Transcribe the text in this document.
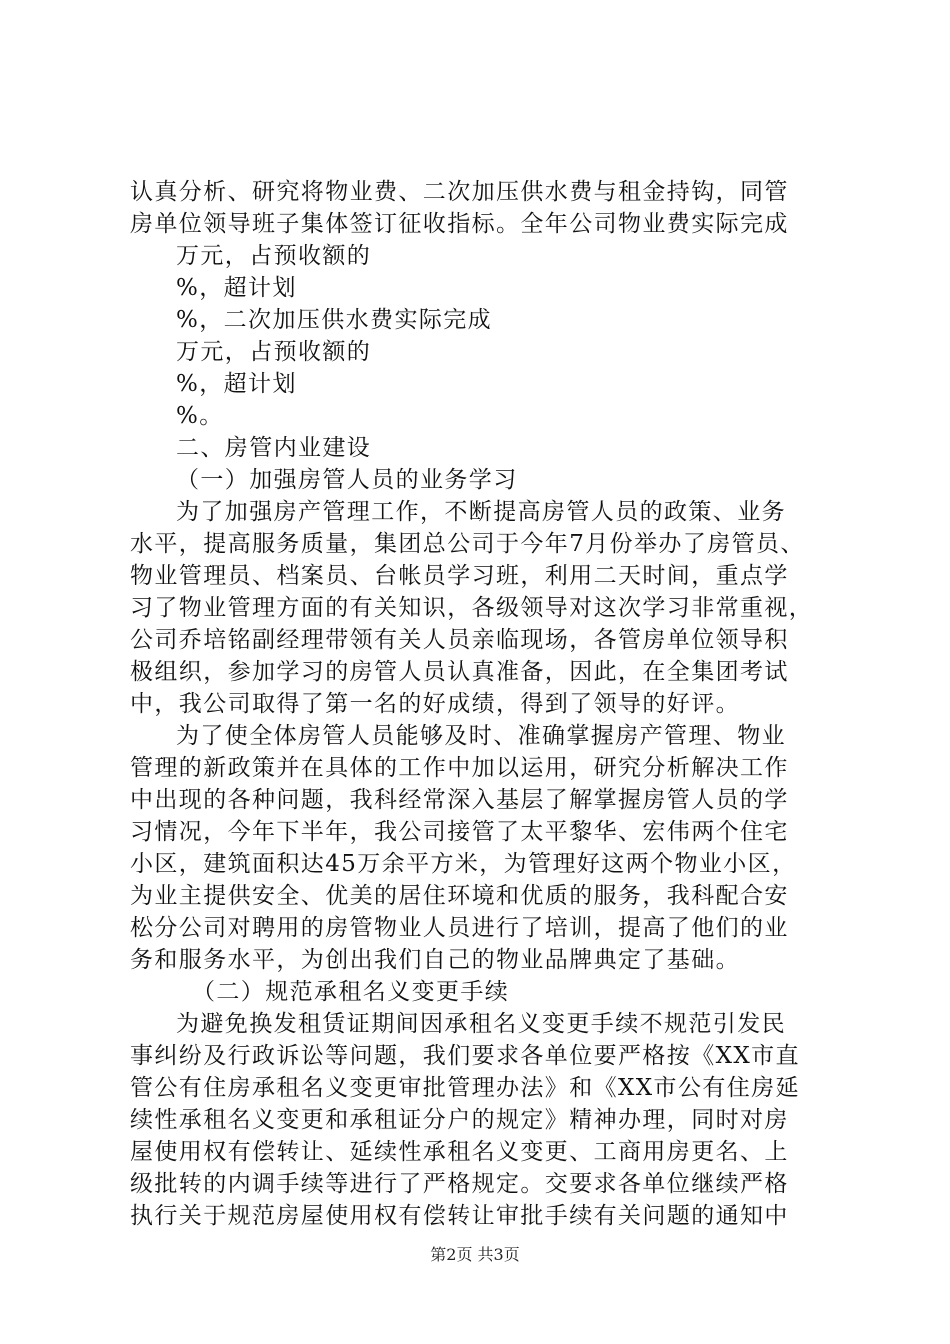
认真分析、研究将物业费、二次加压供水费与租金持钩，同管
房单位领导班子集体签订征收指标。全年公司物业费实际完成
万元，占预收额的
%，超计划
%，二次加压供水费实际完成
万元，占预收额的
%，超计划
%。
二、房管内业建设
（一）加强房管人员的业务学习
为了加强房产管理工作，不断提高房管人员的政策、业务
水平，提高服务质量，集团总公司于今年7月份举办了房管员、
物业管理员、档案员、台帐员学习班，利用二天时间，重点学
习了物业管理方面的有关知识，各级领导对这次学习非常重视，
公司乔培铭副经理带领有关人员亲临现场，各管房单位领导积
极组织，参加学习的房管人员认真准备，因此，在全集团考试
中，我公司取得了第一名的好成绩，得到了领导的好评。
为了使全体房管人员能够及时、准确掌握房产管理、物业
管理的新政策并在具体的工作中加以运用，研究分析解决工作
中出现的各种问题，我科经常深入基层了解掌握房管人员的学
习情况，今年下半年，我公司接管了太平黎华、宏伟两个住宅
小区，建筑面积达45万余平方米，为管理好这两个物业小区，
为业主提供安全、优美的居住环境和优质的服务，我科配合安
松分公司对聘用的房管物业人员进行了培训，提高了他们的业
务和服务水平，为创出我们自己的物业品牌典定了基础。
（二）规范承租名义变更手续
为避免换发租赁证期间因承租名义变更手续不规范引发民
事纠纷及行政诉讼等问题，我们要求各单位要严格按《XX市直
管公有住房承租名义变更审批管理办法》和《XX市公有住房延
续性承租名义变更和承租证分户的规定》精神办理，同时对房
屋使用权有偿转让、延续性承租名义变更、工商用房更名、上
级批转的内调手续等进行了严格规定。交要求各单位继续严格
执行关于规范房屋使用权有偿转让审批手续有关问题的通知中
第2页 共3页
